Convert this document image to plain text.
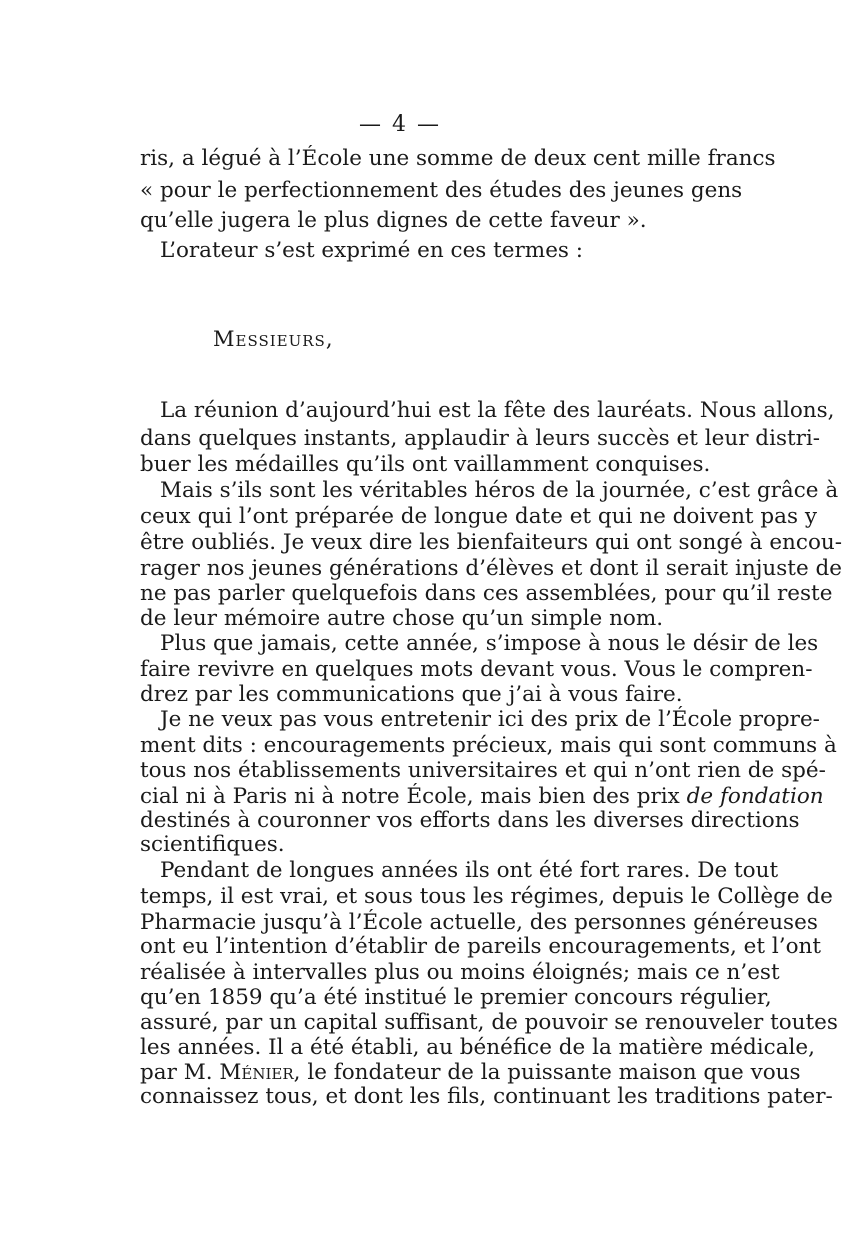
— 4 —
ris, a légué à l’École une somme de deux cent mille francs
« pour le perfectionnement des études des jeunes gens
qu’elle jugera le plus dignes de cette faveur ».
L’orateur s’est exprimé en ces termes :
Messieurs,
La réunion d’aujourd’hui est la fête des lauréats. Nous allons,
dans quelques instants, applaudir à leurs succès et leur distri-
buer les médailles qu’ils ont vaillamment conquises.
Mais s’ils sont les véritables héros de la journée, c’est grâce à
ceux qui l’ont préparée de longue date et qui ne doivent pas y
être oubliés. Je veux dire les bienfaiteurs qui ont songé à encou-
rager nos jeunes générations d’élèves et dont il serait injuste de
ne pas parler quelquefois dans ces assemblées, pour qu’il reste
de leur mémoire autre chose qu’un simple nom.
Plus que jamais, cette année, s’impose à nous le désir de les
faire revivre en quelques mots devant vous. Vous le compren-
drez par les communications que j’ai à vous faire.
Je ne veux pas vous entretenir ici des prix de l’École propre-
ment dits : encouragements précieux, mais qui sont communs à
tous nos établissements universitaires et qui n’ont rien de spé-
cial ni à Paris ni à notre École, mais bien des prix de fondation
destinés à couronner vos efforts dans les diverses directions
scientifiques.
Pendant de longues années ils ont été fort rares. De tout
temps, il est vrai, et sous tous les régimes, depuis le Collège de
Pharmacie jusqu’à l’École actuelle, des personnes généreuses
ont eu l’intention d’établir de pareils encouragements, et l’ont
réalisée à intervalles plus ou moins éloignés; mais ce n’est
qu’en 1859 qu’a été institué le premier concours régulier,
assuré, par un capital suffisant, de pouvoir se renouveler toutes
les années. Il a été établi, au bénéfice de la matière médicale,
par M. Ménier, le fondateur de la puissante maison que vous
connaissez tous, et dont les fils, continuant les traditions pater-
